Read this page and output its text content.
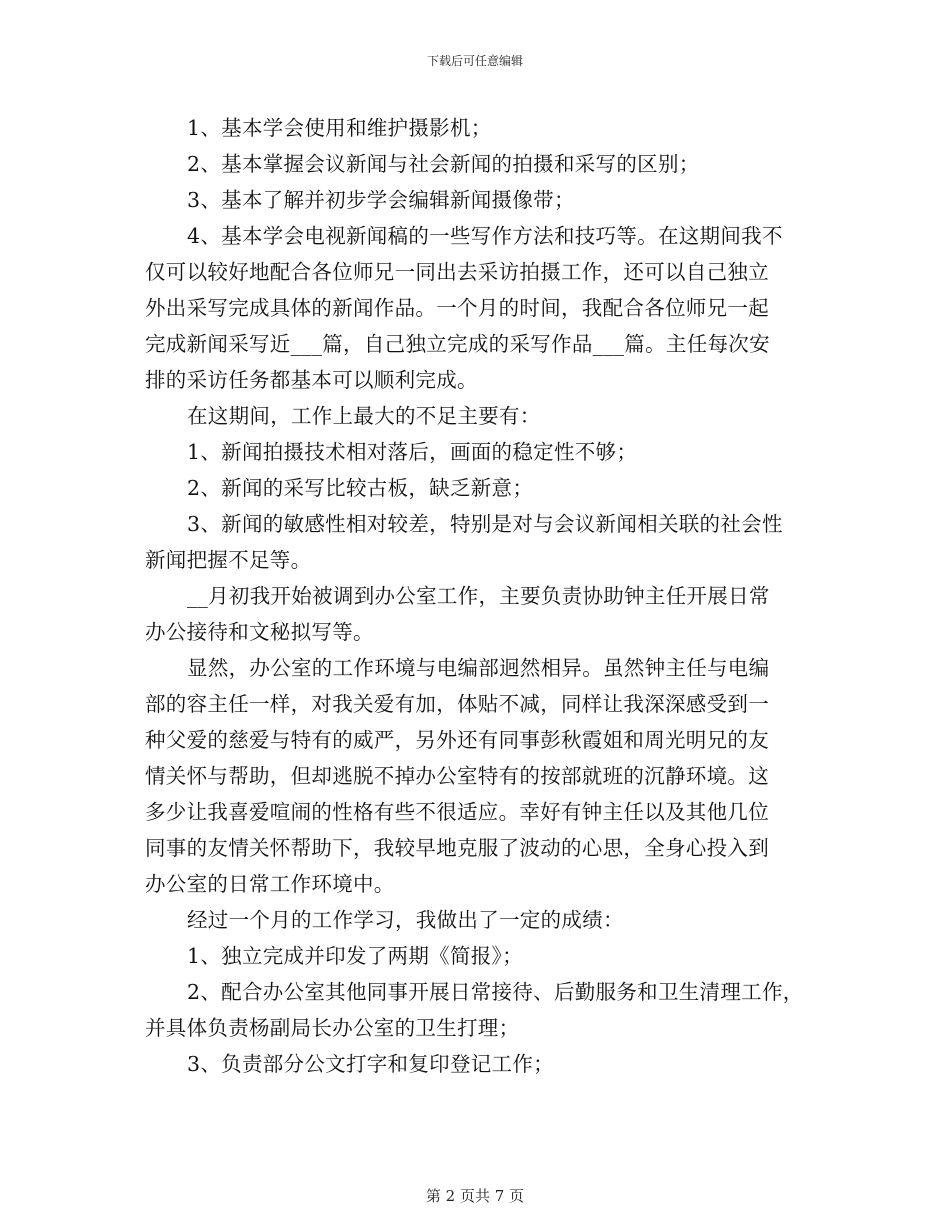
下载后可任意编辑
1、基本学会使用和维护摄影机；
2、基本掌握会议新闻与社会新闻的拍摄和采写的区别；
3、基本了解并初步学会编辑新闻摄像带；
4、基本学会电视新闻稿的一些写作方法和技巧等。在这期间我不
仅可以较好地配合各位师兄一同出去采访拍摄工作，还可以自己独立
外出采写完成具体的新闻作品。一个月的时间，我配合各位师兄一起
完成新闻采写近___篇，自己独立完成的采写作品___篇。主任每次安
排的采访任务都基本可以顺利完成。
在这期间，工作上最大的不足主要有：
1、新闻拍摄技术相对落后，画面的稳定性不够；
2、新闻的采写比较古板，缺乏新意；
3、新闻的敏感性相对较差，特别是对与会议新闻相关联的社会性
新闻把握不足等。
__月初我开始被调到办公室工作，主要负责协助钟主任开展日常
办公接待和文秘拟写等。
显然，办公室的工作环境与电编部迥然相异。虽然钟主任与电编
部的容主任一样，对我关爱有加，体贴不减，同样让我深深感受到一
种父爱的慈爱与特有的威严，另外还有同事彭秋霞姐和周光明兄的友
情关怀与帮助，但却逃脱不掉办公室特有的按部就班的沉静环境。这
多少让我喜爱喧闹的性格有些不很适应。幸好有钟主任以及其他几位
同事的友情关怀帮助下，我较早地克服了波动的心思，全身心投入到
办公室的日常工作环境中。
经过一个月的工作学习，我做出了一定的成绩：
1、独立完成并印发了两期《简报》；
2、配合办公室其他同事开展日常接待、后勤服务和卫生清理工作，
并具体负责杨副局长办公室的卫生打理；
3、负责部分公文打字和复印登记工作；
第 2 页共 7 页
